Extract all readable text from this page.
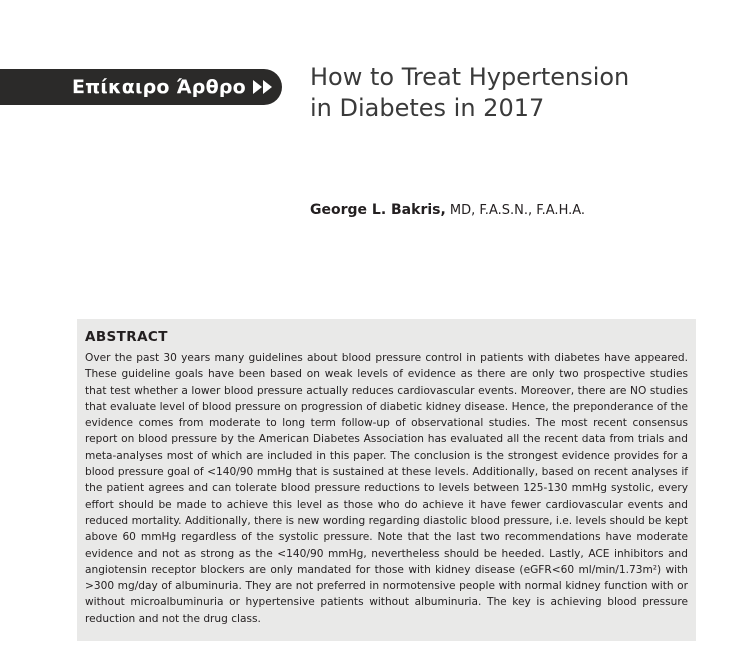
Επίκαιρο Άρθρο	How to Treat Hypertension
in Diabetes in 2017
George L. Bakris, MD, F.A.S.N., F.A.H.A.
ABSTRACT

Over the past 30 years many guidelines about blood pressure control in patients with diabetes have appeared. These guideline goals have been based on weak levels of evidence as there are only two prospective studies that test whether a lower blood pressure actually reduces cardiovascular events. Moreover, there are NO studies that evaluate level of blood pressure on progression of diabetic kidney disease. Hence, the preponderance of the evidence comes from moderate to long term follow-up of observational studies. The most recent consensus report on blood pressure by the American Diabetes Association has evaluated all the recent data from trials and meta-analyses most of which are included in this paper. The conclusion is the strongest evidence provides for a blood pressure goal of <140/90 mmHg that is sustained at these levels. Additionally, based on recent analyses if the patient agrees and can tolerate blood pressure reductions to levels between 125-130 mmHg systolic, every effort should be made to achieve this level as those who do achieve it have fewer cardiovascular events and reduced mortality. Additionally, there is new wording regarding diastolic blood pressure, i.e. levels should be kept above 60 mmHg regardless of the systolic pressure. Note that the last two recommendations have moderate evidence and not as strong as the <140/90 mmHg, nevertheless should be heeded. Lastly, ACE inhibitors and angiotensin receptor blockers are only mandated for those with kidney disease (eGFR<60 ml/min/1.73m²) with >300 mg/day of albuminuria. They are not preferred in normotensive people with normal kidney function with or without microalbuminuria or hypertensive patients without albuminuria. The key is achieving blood pressure reduction and not the drug class.
